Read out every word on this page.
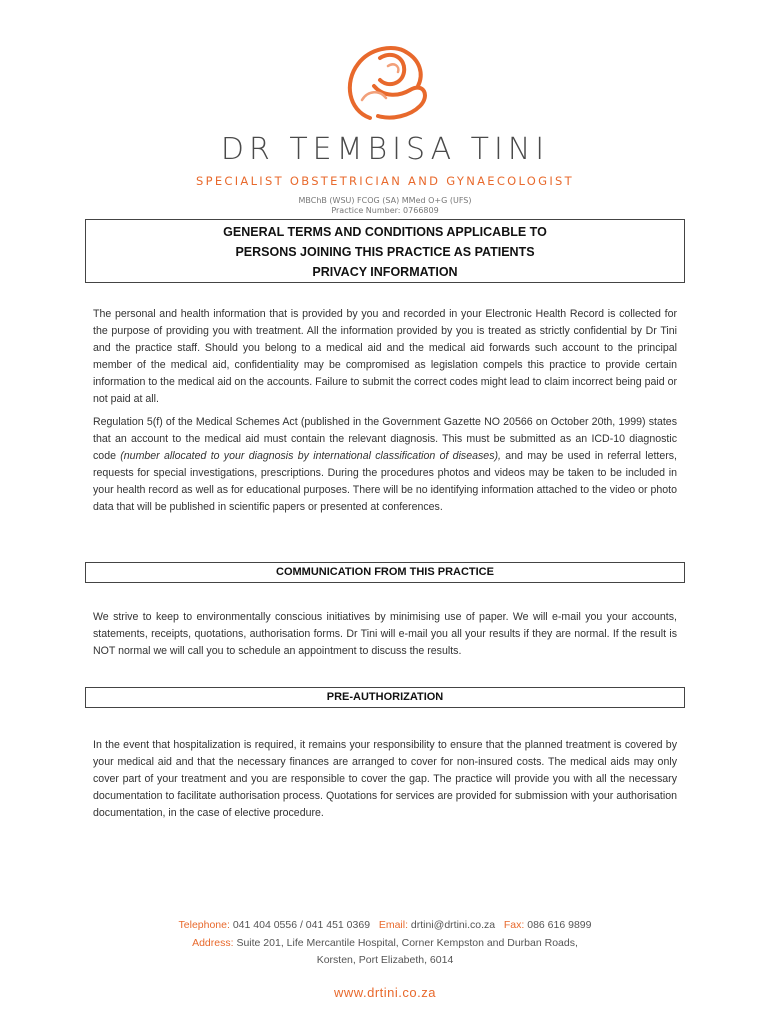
DR TEMBISA TINI
SPECIALIST OBSTETRICIAN AND GYNAECOLOGIST
MBChB (WSU) FCOG (SA) MMed O+G (UFS)
Practice Number: 0766809
GENERAL TERMS AND CONDITIONS APPLICABLE TO
PERSONS JOINING THIS PRACTICE AS PATIENTS
PRIVACY INFORMATION

The personal and health information that is provided by you and recorded in your Electronic Health Record is collected for the purpose of providing you with treatment. All the information provided by you is treated as strictly confidential by Dr Tini and the practice staff. Should you belong to a medical aid and the medical aid forwards such account to the principal member of the medical aid, confidentiality may be compromised as legislation compels this practice to provide certain information to the medical aid on the accounts. Failure to submit the correct codes might lead to claim incorrect being paid or not paid at all.

Regulation 5(f) of the Medical Schemes Act (published in the Government Gazette NO 20566 on October 20th, 1999) states that an account to the medical aid must contain the relevant diagnosis. This must be submitted as an ICD-10 diagnostic code (number allocated to your diagnosis by international classification of diseases), and may be used in referral letters, requests for special investigations, prescriptions. During the procedures photos and videos may be taken to be included in your health record as well as for educational purposes. There will be no identifying information attached to the video or photo data that will be published in scientific papers or presented at conferences.

COMMUNICATION FROM THIS PRACTICE

We strive to keep to environmentally conscious initiatives by minimising use of paper. We will e-mail you your accounts, statements, receipts, quotations, authorisation forms. Dr Tini will e-mail you all your results if they are normal. If the result is NOT normal we will call you to schedule an appointment to discuss the results.

PRE-AUTHORIZATION

In the event that hospitalization is required, it remains your responsibility to ensure that the planned treatment is covered by your medical aid and that the necessary finances are arranged to cover for non-insured costs. The medical aids may only cover part of your treatment and you are responsible to cover the gap. The practice will provide you with all the necessary documentation to facilitate authorisation process. Quotations for services are provided for submission with your authorisation documentation, in the case of elective procedure.

Telephone: 041 404 0556 / 041 451 0369 Email: drtini@drtini.co.za Fax: 086 616 9899
Address: Suite 201, Life Mercantile Hospital, Corner Kempston and Durban Roads,
Korsten, Port Elizabeth, 6014
www.drtini.co.za
